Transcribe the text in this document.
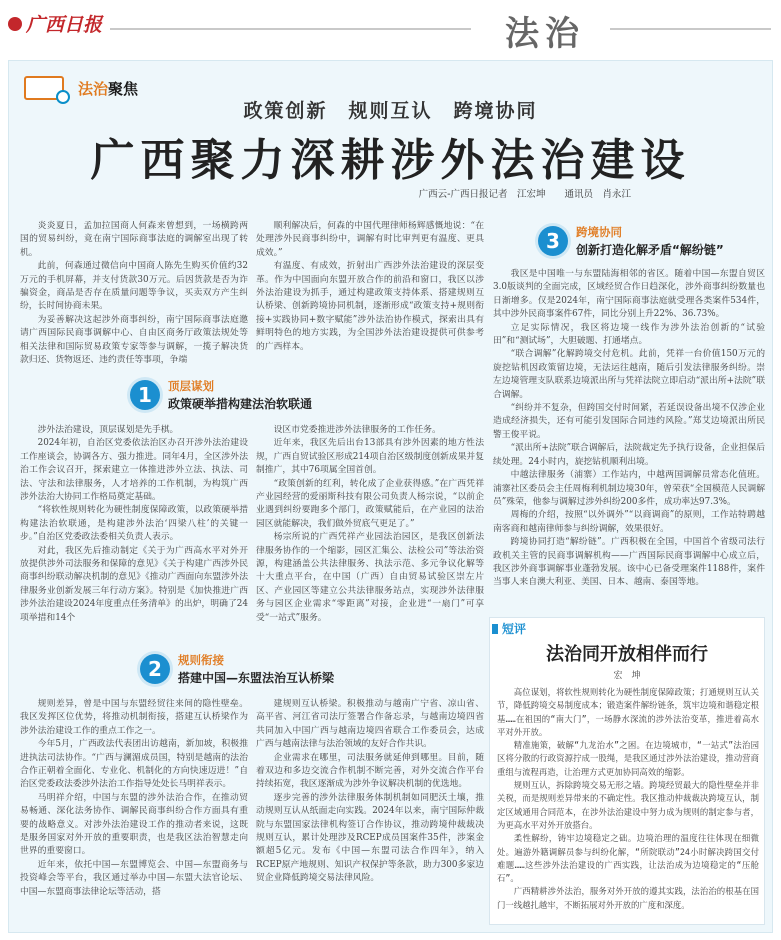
广西日报	法治
法治聚焦
政策创新　规则互认　跨境协同
广西聚力深耕涉外法治建设
广西云-广西日报记者　江宏坤　　通讯员　肖永江

炎炎夏日，孟加拉国商人何森来曾想到，一场横跨两国的贸易纠纷，竟在南宁国际商事法庭的调解室出现了转机。

此前，何森通过微信向中国商人陈先生购买价值约32万元的手机屏幕，并支付货款30万元。后因货款是否为诈骗资金，商品是否存在质量问题等争议，买卖双方产生纠纷，长时间协商未果。

为妥善解决这起涉外商事纠纷，南宁国际商事法庭邀请广西国际民商事调解中心、自由区商务厅政策法规处等相关法律和国际贸易政策专家等参与调解，一揽子解决货款归还、货物返还、违约责任等事项，争端

顺利解决后，何森的中国代理律师杨辉感慨地说：“在处理涉外民商事纠纷中，调解有时比审判更有温度、更具成效。”

有温度、有成效，折射出广西涉外法治建设的深层变革。作为中国面向东盟开放合作的前沿和窗口，我区以涉外法治建设为抓手，通过构建政策支持体系、搭建规则互认桥梁、创新跨境协同机制，逐渐形成“政策支持+规则衔接+实践协同+数字赋能”涉外法治协作模式，探索出具有鲜明特色的地方实践，为全国涉外法治建设提供可供参考的广西样本。

1	顶层谋划
政策硬举措构建法治软联通

涉外法治建设，顶层谋划是先手棋。

2024年初，自治区党委依法治区办召开涉外法治建设工作座谈会，协调各方、强力推进。同年4月，全区涉外法治工作会议召开，探索建立一体推进涉外立法、执法、司法、守法和法律服务，人才培养的工作机制，为构筑广西涉外法治大协同工作格局奠定基础。

“将软性规则转化为硬性制度保障政策，以政策硬举措构建法治软联通，是构建涉外法治‘四梁八柱’的关键一步。”自治区党委政法委相关负责人表示。

对此，我区先后推动制定《关于为广西高水平对外开放提供涉外司法服务和保障的意见》《关于构建广西涉外民商事纠纷联动解决机制的意见》《推动广西面向东盟涉外法律服务业创新发展三年行动方案》。特别是《加快推进广西涉外法治建设2024年度重点任务清单》的出炉，明确了24项举措和14个

设区市党委推进涉外法律服务的工作任务。

近年来，我区先后出台13部具有涉外因素的地方性法规，广西自贸试验区形成214项自治区级制度创新成果并复制推广，其中76项属全国首创。

“政策创新的红利，转化成了企业获得感。”在广西凭祥产业园经营的爱丽斯科技有限公司负责人杨宗说，“以前企业遇到纠纷要跑多个部门，政策赋能后，在产业园的法治园区就能解决，我们做外贸底气更足了。”

杨宗所说的广西凭祥产业园法治园区，是我区创新法律服务协作的一个缩影，园区汇集公、法检公司”等法治资源，构建涵盖公共法律服务、执法示范、多元争议化解等十大重点平台，在中国（广西）自由贸易试验区崇左片区、产业园区等建立公共法律服务站点，实现涉外法律服务与园区企业需求“零距离”对接，企业进“一扇门”可享受“一站式”服务。

2	规则衔接
搭建中国—东盟法治互认桥梁

规则差异，曾是中国与东盟经贸往来间的隐性壁垒。我区发挥区位优势，将推动机制衔接，搭建互认桥梁作为涉外法治建设工作的重点工作之一。

今年5月，广西政法代表团出访越南，新加坡，积极推进执法司法协作。“广西与澜湄成员国，特别是越南的法治合作正朝着全面化、专业化、机制化的方向快速迈进！”自治区党委政法委涉外法治工作指导处处长马明祥表示。

马明祥介绍，中国与东盟的涉外法治合作，在推动贸易畅通、深化法务协作、调解民商事纠纷合作方面具有重要的战略意义。对涉外法治建设工作的推动者来说，这既是服务国家对外开放的重要职责，也是我区法治智慧走向世界的重要窗口。

近年来，依托中国—东盟博览会、中国—东盟商务与投资峰会等平台，我区通过举办中国—东盟大法官论坛、中国—东盟商事法律论坛等活动，搭

建规则互认桥梁。积极推动与越南广宁省、凉山省、高平省、河江省司法厅签署合作备忘录，与越南边境四省共同加入中国广西与越南边境四省联合工作委员会，达成广西与越南法律与法治领域的友好合作共识。

企业需求在哪里，司法服务就延伸到哪里。目前，随着双边和多边交流合作机制不断完善，对外交流合作平台持续拓宽，我区逐渐成为涉外争议解决机制的优选地。

逐步完善的涉外法律服务体制机制如同肥沃土壤，推动规则互认从纸面走向实践。2024年以来，南宁国际仲裁院与东盟国家法律机构签订合作协议，推动跨境仲裁裁决规则互认，累计处理涉及RCEP成员国案件35件，涉案金额超5亿元。发布《中国—东盟司法合作四年》，纳入RCEP原产地规则、知识产权保护等条款，助力300多家边贸企业降低跨境交易法律风险。

3	跨境协同
创新打造化解矛盾“解纷链”

我区是中国唯一与东盟陆海相邻的省区。随着中国—东盟自贸区3.0版谈判的全面完成，区域经贸合作日趋深化，涉外商事纠纷数量也日渐增多。仅是2024年，南宁国际商事法庭就受理各类案件534件，其中涉外民商事案件67件，同比分别上升22%、36.73%。

立足实际情况，我区将边境一线作为涉外法治创新的“试验田”和“测试场”，大胆破题、打通堵点。

“联合调解”化解跨境交付危机。此前，凭祥一台价值150万元的旋挖钻机因政策留边境，无法运往越南，随后引发法律服务纠纷。崇左边境管理支队联系边境派出所与凭祥法院立即启动“派出所+法院”联合调解。

“纠纷并不复杂，但跨国交付时间紧，若延误设备出境不仅涉企业造成经济损失，还有可能引发国际合同违约风险。”郑艾边境派出所民警王俊平说。

“派出所+法院”联合调解后，法院裁定先予执行设备，企业担保后续处理。24小时内，旋挖钻机顺利出境。

中越法律服务（浦寨）工作站内，中越两国调解员常态化值班。浦寨社区委员会主任周梅利机制边境30年，曾荣获“全国模范人民调解员”殊荣，他参与调解过涉外纠纷200多件，成功率达97.3%。

周梅的介绍，按照“以外调外”“以商调商”的原则，工作站特聘越南客商和越南律师参与纠纷调解，效果很好。

跨境协同打造“解纷链”。广西积极在全国，中国首个省级司法行政机关主管的民商事调解机构——广西国际民商事调解中心成立后，我区涉外商事调解事业蓬勃发展。该中心已备受理案件1188件，案件当事人来自澳大利亚、美国、日本、越南、泰国等地。

短评
法治同开放相伴而行
宏　坤

高位谋划，将软性规则转化为硬性制度保障政策；打通规则互认关节，降低跨境交易制度成本；锻造案件解纷链条，筑牢边境和谐稳定根基……在祖国的“南大门”，一场静水深流的涉外法治变革，推进着高水平对外开放。

精准施策，破解“九龙治水”之困。在边境城市，“一站式”法治园区将分散的行政资源拧成一股绳，是我区通过涉外法治建设，推动营商重组与流程再造，让治理方式更加协同高效的缩影。

规则互认，拆除跨境交易无形之墙。跨境经贸最大的隐性壁垒并非关税，而是规则差异带来的不确定性。我区推动仲裁裁决跨境互认，制定区域通用合同范本，在涉外法治建设中努力成为规则的制定参与者，为更高水平对外开放搭台。

柔性解纷，铸牢边境稳定之础。边境治理的温度往往体现在细微处。遍游外籍调解员参与纠纷化解，“所院联动”24小时解决跨国交付难题……这些涉外法治建设的广西实践，让法治成为边境稳定的“压舱石”。

广西精耕涉外法治，服务对外开放的遵其实践，法治治的根基在国门一线越扎越牢，不断拓展对外开放的广度和深度。
